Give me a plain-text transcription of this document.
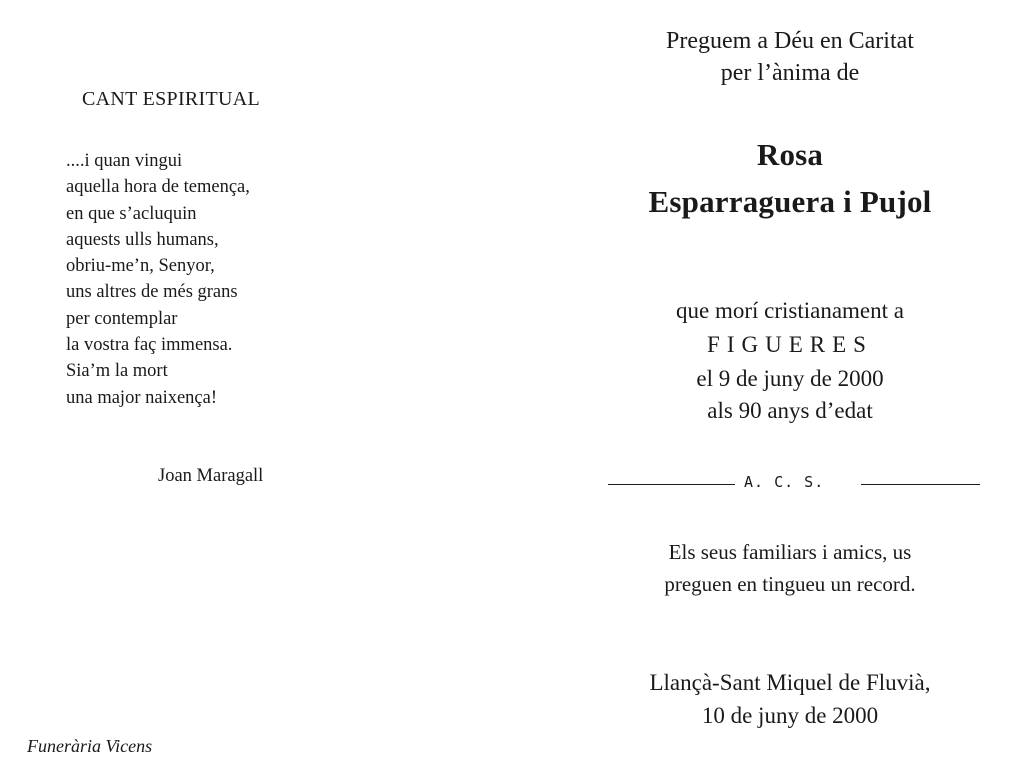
CANT ESPIRITUAL
....i quan vingui
aquella hora de temença,
en que s’acluquin
aquests ulls humans,
obriu-me’n, Senyor,
uns altres de més grans
per contemplar
la vostra faç immensa.
Sia’m la mort
una major naixença!
Joan Maragall
Funerària Vicens
Preguem a Déu en Caritat
per l’ànima de
Rosa
Esparraguera i Pujol
que morí cristianament a
FIGUERES
el 9 de juny de 2000
als 90 anys d’edat
A. C. S.
Els seus familiars i amics, us
preguen en tingueu un record.
Llançà-Sant Miquel de Fluvià,
10 de juny de 2000
